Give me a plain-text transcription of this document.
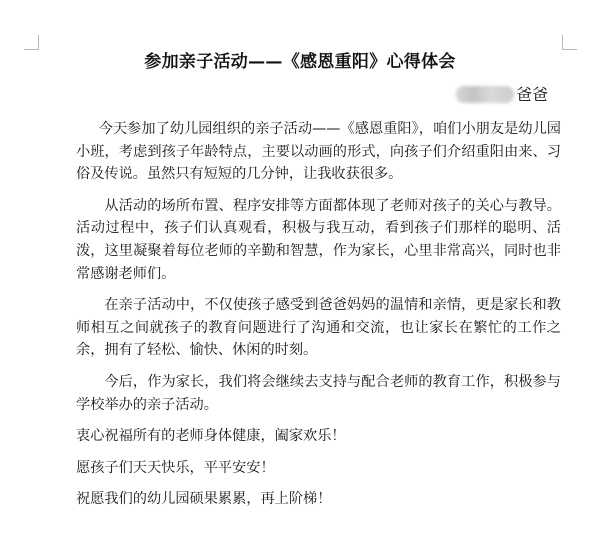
参加亲子活动——《感恩重阳》心得体会
爸爸

今天参加了幼儿园组织的亲子活动——《感恩重阳》，咱们小朋友是幼儿园小班，考虑到孩子年龄特点，主要以动画的形式，向孩子们介绍重阳由来、习俗及传说。虽然只有短短的几分钟，让我收获很多。

从活动的场所布置、程序安排等方面都体现了老师对孩子的关心与教导。活动过程中，孩子们认真观看，积极与我互动，看到孩子们那样的聪明、活泼，这里凝聚着每位老师的辛勤和智慧，作为家长，心里非常高兴，同时也非常感谢老师们。

在亲子活动中，不仅使孩子感受到爸爸妈妈的温情和亲情，更是家长和教师相互之间就孩子的教育问题进行了沟通和交流，也让家长在繁忙的工作之余，拥有了轻松、愉快、休闲的时刻。

今后，作为家长，我们将会继续去支持与配合老师的教育工作，积极参与学校举办的亲子活动。

衷心祝福所有的老师身体健康，阖家欢乐！

愿孩子们天天快乐，平平安安！

祝愿我们的幼儿园硕果累累，再上阶梯！
